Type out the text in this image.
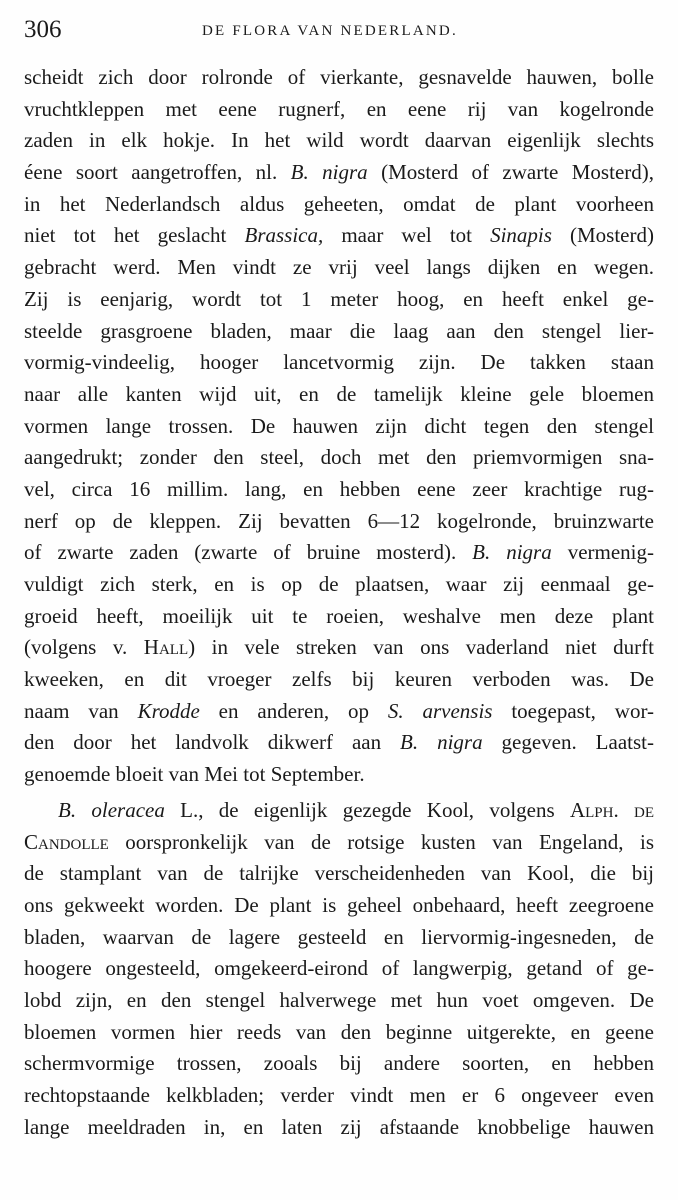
306	DE FLORA VAN NEDERLAND.
scheidt zich door rolronde of vierkante, gesnavelde hauwen, bolle
vruchtkleppen met eene rugnerf, en eene rij van kogelronde
zaden in elk hokje. In het wild wordt daarvan eigenlijk slechts
éene soort aangetroffen, nl. B. nigra (Mosterd of zwarte Mosterd),
in het Nederlandsch aldus geheeten, omdat de plant voorheen
niet tot het geslacht Brassica, maar wel tot Sinapis (Mosterd)
gebracht werd. Men vindt ze vrij veel langs dijken en wegen.
Zij is eenjarig, wordt tot 1 meter hoog, en heeft enkel ge-
steelde grasgroene bladen, maar die laag aan den stengel lier-
vormig-vindeelig, hooger lancetvormig zijn. De takken staan
naar alle kanten wijd uit, en de tamelijk kleine gele bloemen
vormen lange trossen. De hauwen zijn dicht tegen den stengel
aangedrukt; zonder den steel, doch met den priemvormigen sna-
vel, circa 16 millim. lang, en hebben eene zeer krachtige rug-
nerf op de kleppen. Zij bevatten 6—12 kogelronde, bruinzwarte
of zwarte zaden (zwarte of bruine mosterd). B. nigra vermenig-
vuldigt zich sterk, en is op de plaatsen, waar zij eenmaal ge-
groeid heeft, moeilijk uit te roeien, weshalve men deze plant
(volgens v. Hall) in vele streken van ons vaderland niet durft
kweeken, en dit vroeger zelfs bij keuren verboden was. De
naam van Krodde en anderen, op S. arvensis toegepast, wor-
den door het landvolk dikwerf aan B. nigra gegeven. Laatst-
genoemde bloeit van Mei tot September.
B. oleracea L., de eigenlijk gezegde Kool, volgens Alph. de
Candolle oorspronkelijk van de rotsige kusten van Engeland, is
de stamplant van de talrijke verscheidenheden van Kool, die bij
ons gekweekt worden. De plant is geheel onbehaard, heeft zeegroene
bladen, waarvan de lagere gesteeld en liervormig-ingesneden, de
hoogere ongesteeld, omgekeerd-eirond of langwerpig, getand of ge-
lobd zijn, en den stengel halverwege met hun voet omgeven. De
bloemen vormen hier reeds van den beginne uitgerekte, en geene
schermvormige trossen, zooals bij andere soorten, en hebben
rechtopstaande kelkbladen; verder vindt men er 6 ongeveer even
lange meeldraden in, en laten zij afstaande knobbelige hauwen
